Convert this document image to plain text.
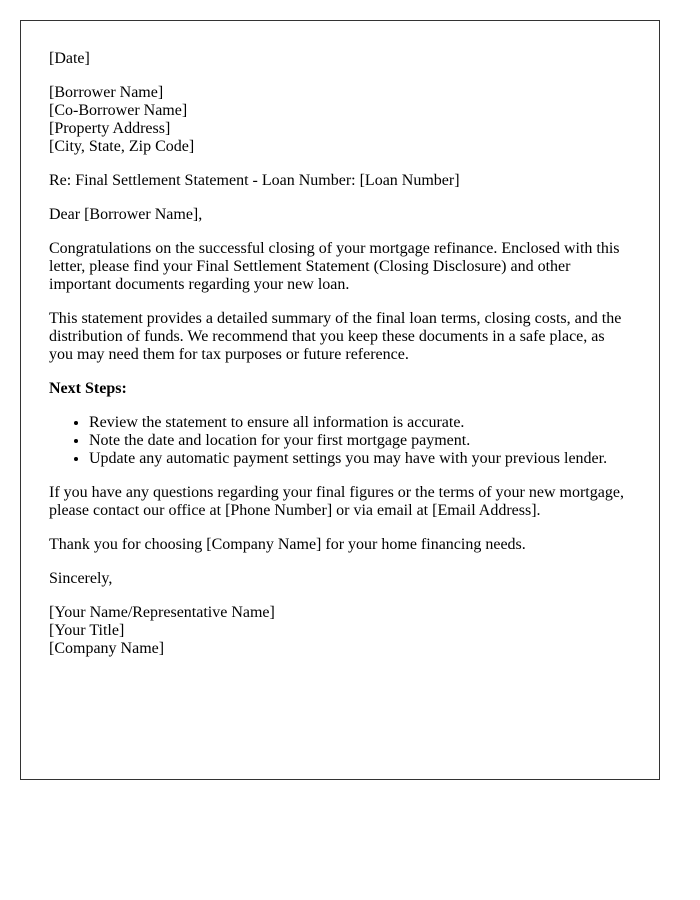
[Date]
[Borrower Name]
[Co-Borrower Name]
[Property Address]
[City, State, Zip Code]
Re: Final Settlement Statement - Loan Number: [Loan Number]
Dear [Borrower Name],

Congratulations on the successful closing of your mortgage refinance. Enclosed with this letter, please find your Final Settlement Statement (Closing Disclosure) and other important documents regarding your new loan.

This statement provides a detailed summary of the final loan terms, closing costs, and the distribution of funds. We recommend that you keep these documents in a safe place, as you may need them for tax purposes or future reference.

Next Steps:
• Review the statement to ensure all information is accurate.
• Note the date and location for your first mortgage payment.
• Update any automatic payment settings you may have with your previous lender.

If you have any questions regarding your final figures or the terms of your new mortgage, please contact our office at [Phone Number] or via email at [Email Address].

Thank you for choosing [Company Name] for your home financing needs.

Sincerely,
[Your Name/Representative Name]
[Your Title]
[Company Name]
